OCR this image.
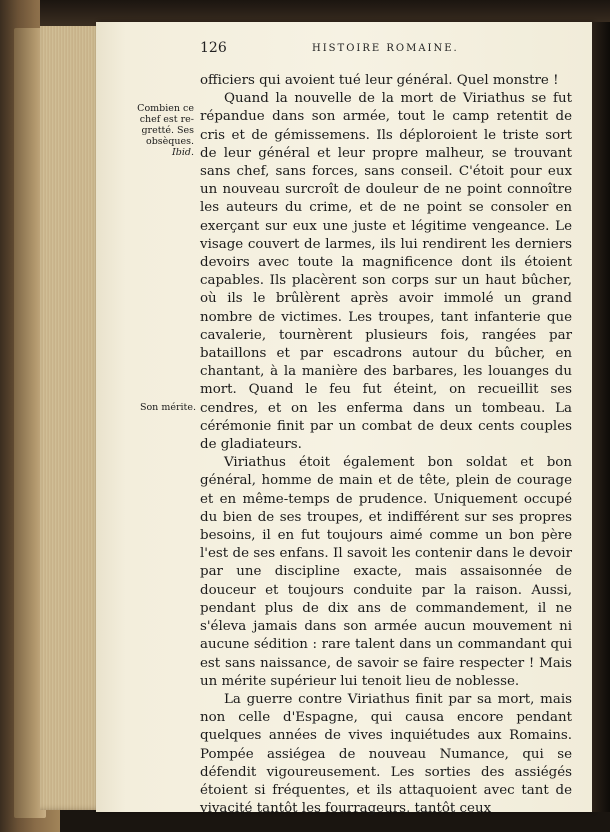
126	HISTOIRE ROMAINE.
Combien ce chef est re- gretté. Ses obsèques.
Ibid.
Son mérite.

officiers qui avoient tué leur général. Quel monstre !

Quand la nouvelle de la mort de Viriathus se fut répandue dans son armée, tout le camp retentit de cris et de gémissemens. Ils déploroient le triste sort de leur général et leur propre malheur, se trouvant sans chef, sans forces, sans conseil. C'étoit pour eux un nouveau surcroît de douleur de ne point connoître les auteurs du crime, et de ne point se consoler en exerçant sur eux une juste et légitime vengeance. Le visage couvert de larmes, ils lui rendirent les derniers devoirs avec toute la magnificence dont ils étoient capables. Ils placèrent son corps sur un haut bûcher, où ils le brûlèrent après avoir immolé un grand nombre de victimes. Les troupes, tant infanterie que cavalerie, tournèrent plusieurs fois, rangées par bataillons et par escadrons autour du bûcher, en chantant, à la manière des barbares, les louanges du mort. Quand le feu fut éteint, on recueillit ses cendres, et on les enferma dans un tombeau. La cérémonie finit par un combat de deux cents couples de gladiateurs.

Viriathus étoit également bon soldat et bon général, homme de main et de tête, plein de courage et en même-temps de prudence. Uniquement occupé du bien de ses troupes, et indifférent sur ses propres besoins, il en fut toujours aimé comme un bon père l'est de ses enfans. Il savoit les contenir dans le devoir par une discipline exacte, mais assaisonnée de douceur et toujours conduite par la raison. Aussi, pendant plus de dix ans de commandement, il ne s'éleva jamais dans son armée aucun mouvement ni aucune sédition : rare talent dans un commandant qui est sans naissance, de savoir se faire respecter ! Mais un mérite supérieur lui tenoit lieu de noblesse.

La guerre contre Viriathus finit par sa mort, mais non celle d'Espagne, qui causa encore pendant quelques années de vives inquiétudes aux Romains. Pompée assiégea de nouveau Numance, qui se défendit vigoureusement. Les sorties des assiégés étoient si fréquentes, et ils attaquoient avec tant de vivacité tantôt les fourrageurs, tantôt ceux
